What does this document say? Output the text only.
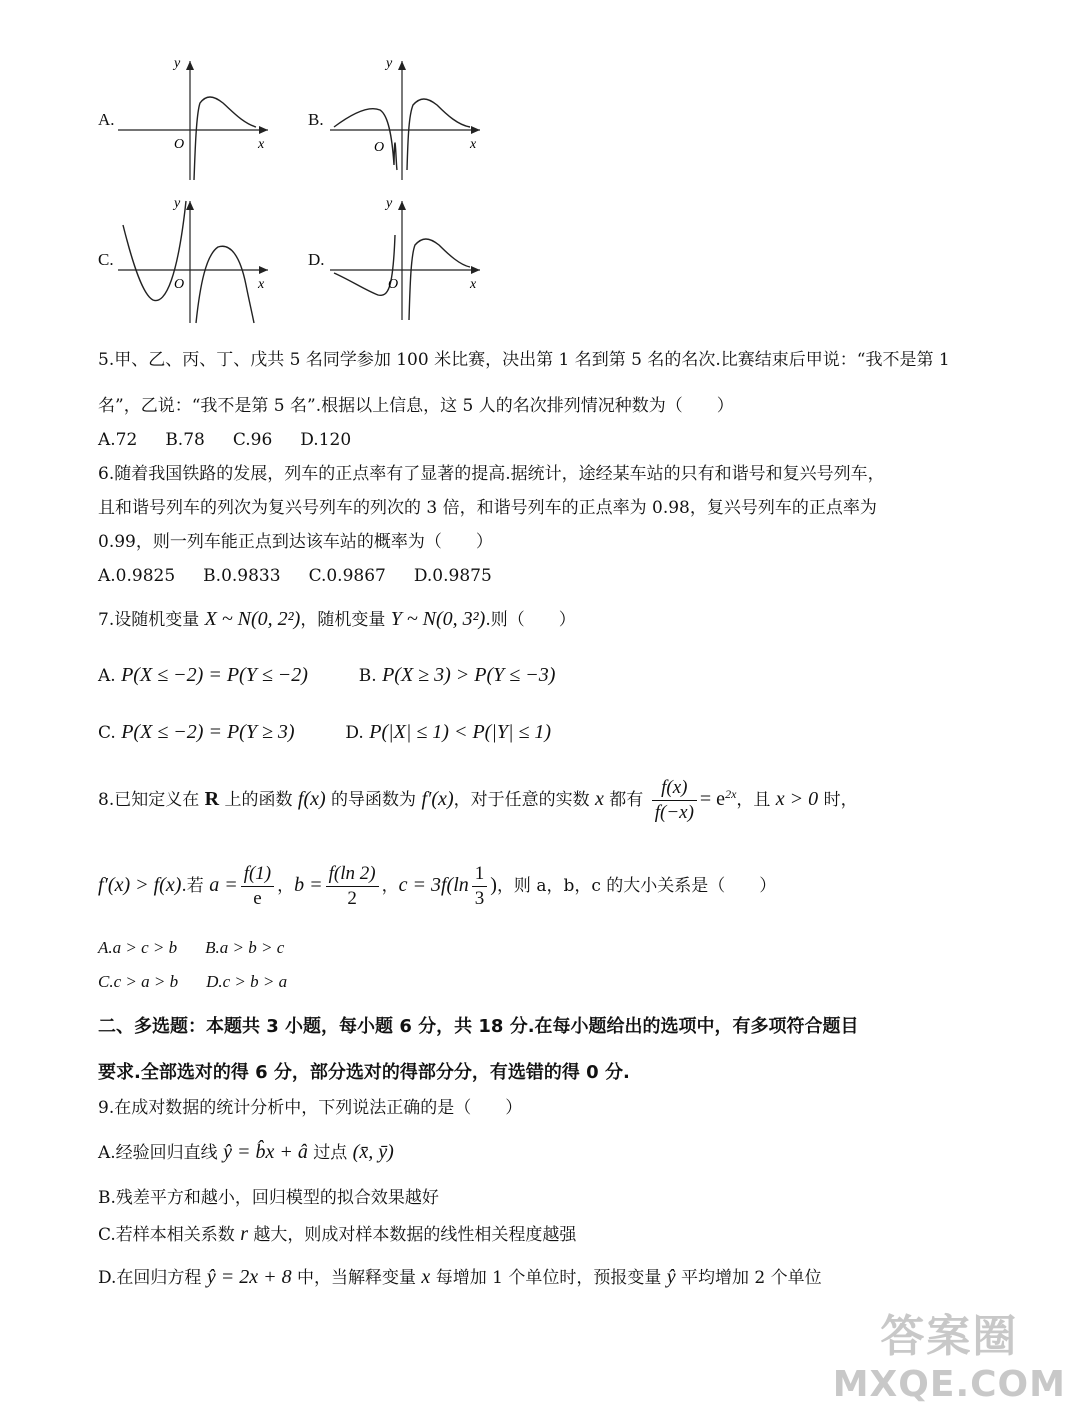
A.
y
x
O
B.
y
x
O
C.
y
x
O
D.
y
x
O
5.甲、乙、丙、丁、戊共 5 名同学参加 100 米比赛，决出第 1 名到第 5 名的名次.比赛结束后甲说：“我不是第 1
名”，乙说：“我不是第 5 名”.根据以上信息，这 5 人的名次排列情况种数为（　　）
A.72 B.78 C.96 D.120
6.随着我国铁路的发展，列车的正点率有了显著的提高.据统计，途经某车站的只有和谐号和复兴号列车，
且和谐号列车的列次为复兴号列车的列次的 3 倍，和谐号列车的正点率为 0.98，复兴号列车的正点率为
0.99，则一列车能正点到达该车站的概率为（　　）
A.0.9825 B.0.9833 C.0.9867 D.0.9875
7.设随机变量 X ~ N(0, 2²)，随机变量 Y ~ N(0, 3²).则（　　）
A. P(X ≤ −2) = P(Y ≤ −2)	B. P(X ≥ 3) > P(Y ≤ −3)
C. P(X ≤ −2) = P(Y ≥ 3)	D. P(|X| ≤ 1) < P(|Y| ≤ 1)
8.已知定义在 R 上的函数 f(x) 的导函数为 f′(x)，对于任意的实数 x 都有 $\frac{f(x)}{f(-x)} = e^{2x}$，且 x > 0 时，
f′(x) > f(x).若 $a = \frac{f(1)}{e}$ ，$b = \frac{f(\ln 2)}{2}$ ，$c = 3f(\ln \frac{1}{3}$ )，则 a，b，c 的大小关系是（　　）
A.a > c > b B.a > b > c
C.c > a > b D.c > b > a
二、多选题：本题共 3 小题，每小题 6 分，共 18 分.在每小题给出的选项中，有多项符合题目
要求.全部选对的得 6 分，部分选对的得部分分，有选错的得 0 分.
9.在成对数据的统计分析中，下列说法正确的是（　　）
A.经验回归直线 ŷ = b̂x + â 过点 (x̄, ȳ)
B.残差平方和越小，回归模型的拟合效果越好
C.若样本相关系数 r 越大，则成对样本数据的线性相关程度越强
D.在回归方程 ŷ = 2x + 8 中，当解释变量 x 每增加 1 个单位时，预报变量 ŷ 平均增加 2 个单位
答案圈
MXQE.COM
